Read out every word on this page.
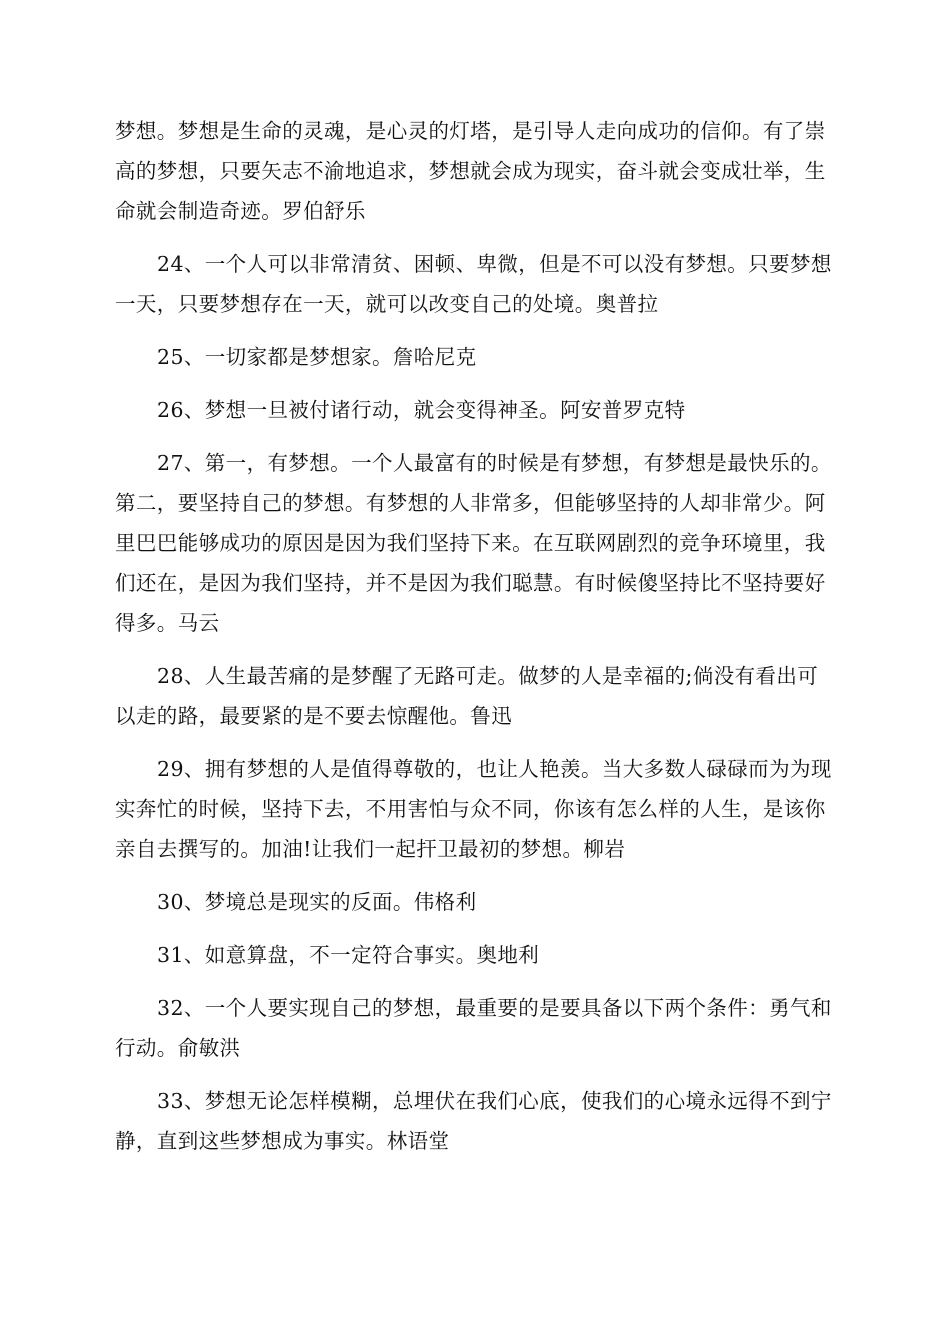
梦想。梦想是生命的灵魂，是心灵的灯塔，是引导人走向成功的信仰。有了崇高的梦想，只要矢志不渝地追求，梦想就会成为现实，奋斗就会变成壮举，生命就会制造奇迹。罗伯舒乐

24、一个人可以非常清贫、困顿、卑微，但是不可以没有梦想。只要梦想一天，只要梦想存在一天，就可以改变自己的处境。奥普拉

25、一切家都是梦想家。詹哈尼克

26、梦想一旦被付诸行动，就会变得神圣。阿安普罗克特

27、第一，有梦想。一个人最富有的时候是有梦想，有梦想是最快乐的。第二，要坚持自己的梦想。有梦想的人非常多，但能够坚持的人却非常少。阿里巴巴能够成功的原因是因为我们坚持下来。在互联网剧烈的竞争环境里，我们还在，是因为我们坚持，并不是因为我们聪慧。有时候傻坚持比不坚持要好得多。马云

28、人生最苦痛的是梦醒了无路可走。做梦的人是幸福的;倘没有看出可以走的路，最要紧的是不要去惊醒他。鲁迅

29、拥有梦想的人是值得尊敬的，也让人艳羡。当大多数人碌碌而为为现实奔忙的时候，坚持下去，不用害怕与众不同，你该有怎么样的人生，是该你亲自去撰写的。加油!让我们一起扞卫最初的梦想。柳岩

30、梦境总是现实的反面。伟格利

31、如意算盘，不一定符合事实。奥地利

32、一个人要实现自己的梦想，最重要的是要具备以下两个条件：勇气和行动。俞敏洪

33、梦想无论怎样模糊，总埋伏在我们心底，使我们的心境永远得不到宁静，直到这些梦想成为事实。林语堂
